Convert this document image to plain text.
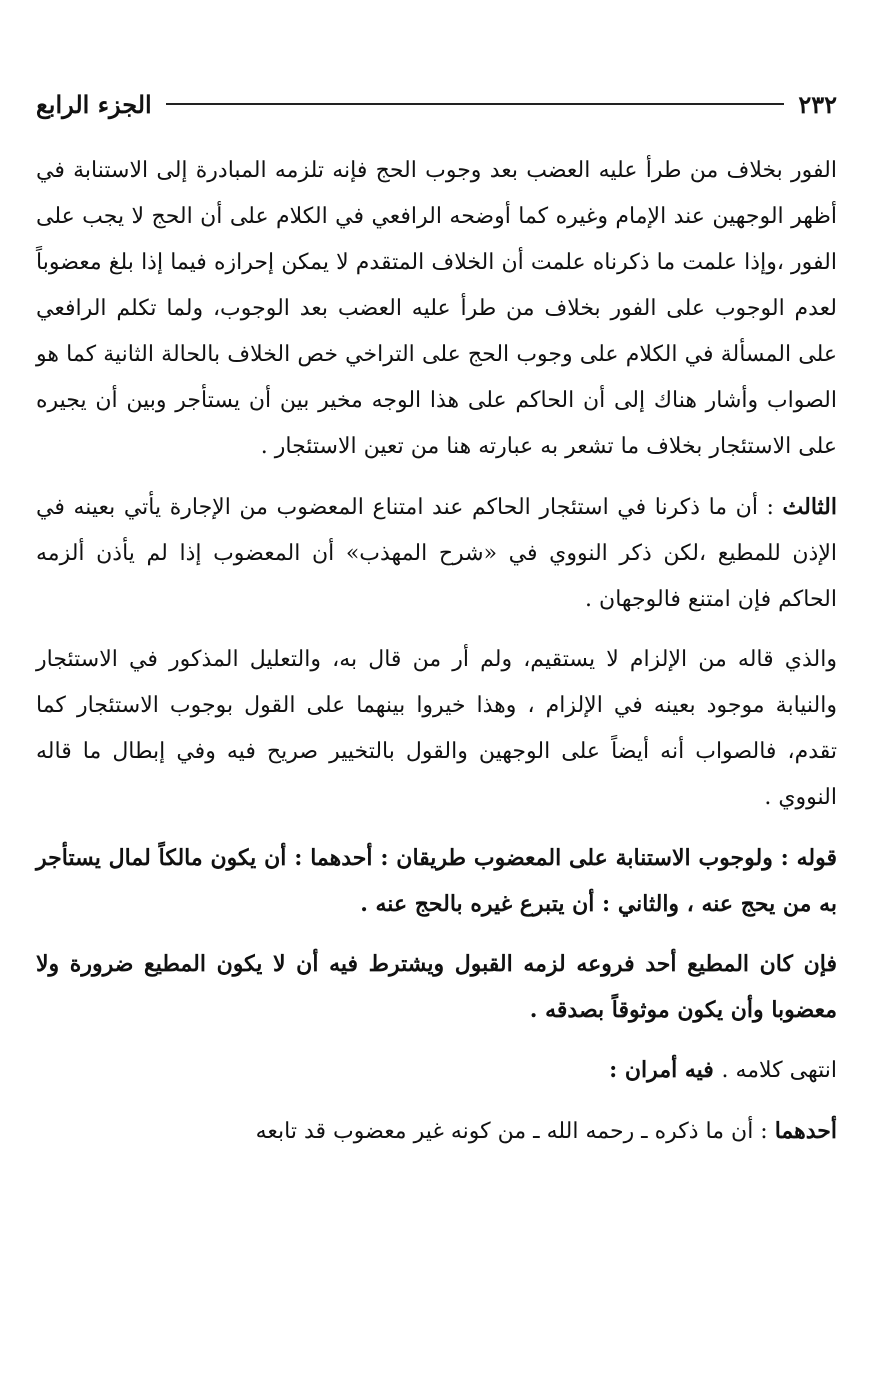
٢٣٢
الجزء الرابع

الفور بخلاف من طرأ عليه العضب بعد وجوب الحج فإنه تلزمه المبادرة إلى الاستنابة في أظهر الوجهين عند الإمام وغيره كما أوضحه الرافعي في الكلام على أن الحج لا يجب على الفور ،وإذا علمت ما ذكرناه علمت أن الخلاف المتقدم لا يمكن إحرازه فيما إذا بلغ معضوباً لعدم الوجوب على الفور بخلاف من طرأ عليه العضب بعد الوجوب، ولما تكلم الرافعي على المسألة في الكلام على وجوب الحج على التراخي خص الخلاف بالحالة الثانية كما هو الصواب وأشار هناك إلى أن الحاكم على هذا الوجه مخير بين أن يستأجر وبين أن يجيره على الاستئجار بخلاف ما تشعر به عبارته هنا من تعين الاستئجار .

الثالث : أن ما ذكرنا في استئجار الحاكم عند امتناع المعضوب من الإجارة يأتي بعينه في الإذن للمطيع ،لكن ذكر النووي في «شرح المهذب» أن المعضوب إذا لم يأذن ألزمه الحاكم فإن امتنع فالوجهان .

والذي قاله من الإلزام لا يستقيم، ولم أر من قال به، والتعليل المذكور في الاستئجار والنيابة موجود بعينه في الإلزام ، وهذا خيروا بينهما على القول بوجوب الاستئجار كما تقدم، فالصواب أنه أيضاً على الوجهين والقول بالتخيير صريح فيه وفي إبطال ما قاله النووي .

قوله : ولوجوب الاستنابة على المعضوب طريقان : أحدهما : أن يكون مالكاً لمال يستأجر به من يحج عنه ، والثاني : أن يتبرع غيره بالحج عنه .

فإن كان المطيع أحد فروعه لزمه القبول ويشترط فيه أن لا يكون المطيع ضرورة ولا معضوبا وأن يكون موثوقاً بصدقه .

انتهى كلامه . فيه أمران :

أحدهما : أن ما ذكره ـ رحمه الله ـ من كونه غير معضوب قد تابعه
